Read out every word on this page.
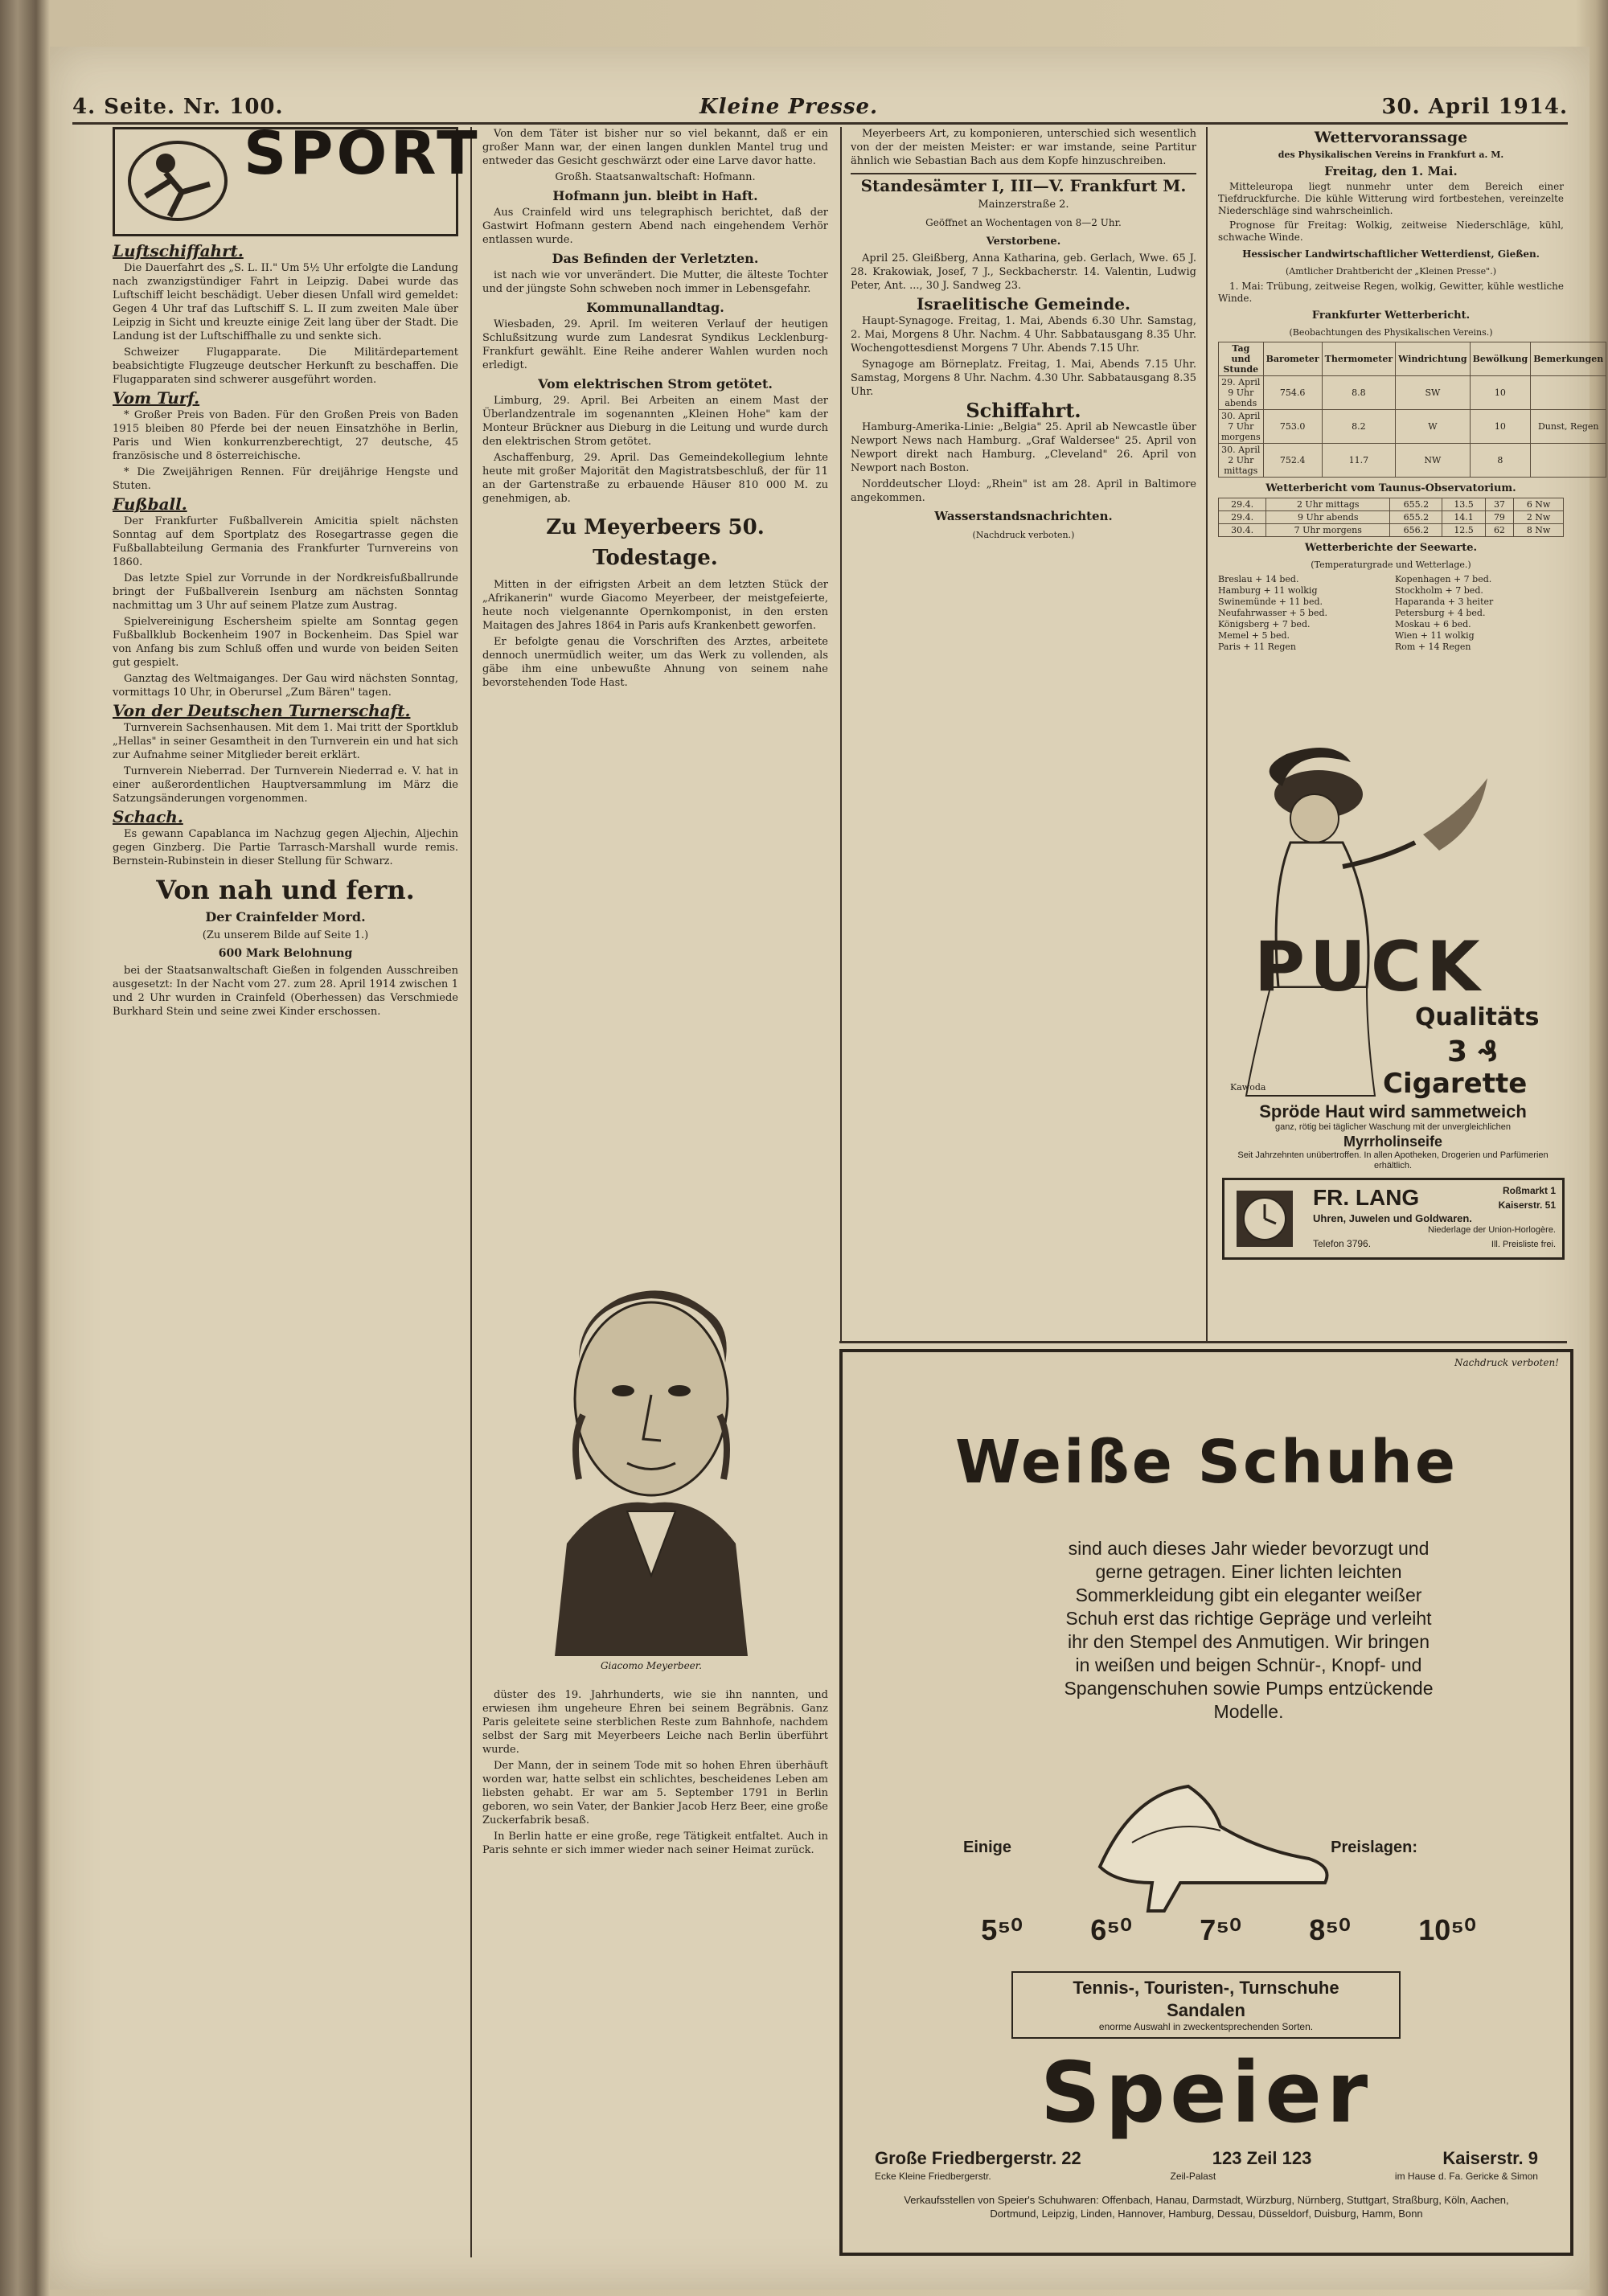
4. Seite. Nr. 100.	Kleine Presse.	30. April 1914.
SPORT
Luftschiffahrt.

Die Dauerfahrt des „S. L. II." Um 5½ Uhr erfolgte die Landung nach zwanzigstündiger Fahrt in Leipzig. Dabei wurde das Luftschiff leicht beschädigt. Ueber diesen Unfall wird gemeldet: Gegen 4 Uhr traf das Luftschiff S. L. II zum zweiten Male über Leipzig in Sicht und kreuzte einige Zeit lang über der Stadt. Die Landung ist der Luftschiffhalle zu und senkte sich.

Schweizer Flugapparate. Die Militärdepartement beabsichtigte Flugzeuge deutscher Herkunft zu beschaffen. Die Flugapparaten sind schwerer ausgeführt worden.

Vom Turf.

* Großer Preis von Baden. Für den Großen Preis von Baden 1915 bleiben 80 Pferde bei der neuen Einsatzhöhe in Berlin, Paris und Wien konkurrenzberechtigt, 27 deutsche, 45 französische und 8 österreichische.

* Die Zweijährigen Rennen. Für dreijährige Hengste und Stuten.

Fußball.

Der Frankfurter Fußballverein Amicitia spielt nächsten Sonntag auf dem Sportplatz des Rosegartrasse gegen die Fußballabteilung Germania des Frankfurter Turnvereins von 1860.

Das letzte Spiel zur Vorrunde in der Nordkreisfußballrunde bringt der Fußballverein Isenburg am nächsten Sonntag nachmittag um 3 Uhr auf seinem Platze zum Austrag.

Spielvereinigung Eschersheim spielte am Sonntag gegen Fußballklub Bockenheim 1907 in Bockenheim. Das Spiel war von Anfang bis zum Schluß offen und wurde von beiden Seiten gut gespielt.

Ganztag des Weltmaiganges. Der Gau wird nächsten Sonntag, vormittags 10 Uhr, in Oberursel „Zum Bären" tagen.

Von der Deutschen Turnerschaft.

Turnverein Sachsenhausen. Mit dem 1. Mai tritt der Sportklub „Hellas" in seiner Gesamtheit in den Turnverein ein und hat sich zur Aufnahme seiner Mitglieder bereit erklärt.

Turnverein Nieberrad. Der Turnverein Niederrad e. V. hat in einer außerordentlichen Hauptversammlung im März die Satzungsänderungen vorgenommen.

Schach.

Es gewann Capablanca im Nachzug gegen Aljechin, Aljechin gegen Ginzberg. Die Partie Tarrasch-Marshall wurde remis. Bernstein-Rubinstein in dieser Stellung für Schwarz.

Von nah und fern.
Der Crainfelder Mord.
(Zu unserem Bilde auf Seite 1.)
600 Mark Belohnung

bei der Staatsanwaltschaft Gießen in folgenden Ausschreiben ausgesetzt: In der Nacht vom 27. zum 28. April 1914 zwischen 1 und 2 Uhr wurden in Crainfeld (Oberhessen) das Verschmiede Burkhard Stein und seine zwei Kinder erschossen.

Von dem Täter ist bisher nur so viel bekannt, daß er ein großer Mann war, der einen langen dunklen Mantel trug und entweder das Gesicht geschwärzt oder eine Larve davor hatte.

Großh. Staatsanwaltschaft: Hofmann.

Hofmann jun. bleibt in Haft.

Aus Crainfeld wird uns telegraphisch berichtet, daß der Gastwirt Hofmann gestern Abend nach eingehendem Verhör entlassen wurde.

Das Befinden der Verletzten.

ist nach wie vor unverändert. Die Mutter, die älteste Tochter und der jüngste Sohn schweben noch immer in Lebensgefahr.

Kommunallandtag.

Wiesbaden, 29. April. Im weiteren Verlauf der heutigen Schlußsitzung wurde zum Landesrat Syndikus Lecklenburg-Frankfurt gewählt. Eine Reihe anderer Wahlen wurden noch erledigt.

Vom elektrischen Strom getötet.

Limburg, 29. April. Bei Arbeiten an einem Mast der Überlandzentrale im sogenannten „Kleinen Hohe" kam der Monteur Brückner aus Dieburg in die Leitung und wurde durch den elektrischen Strom getötet.

Aschaffenburg, 29. April. Das Gemeindekollegium lehnte heute mit großer Majorität den Magistratsbeschluß, der für 11 an der Gartenstraße zu erbauende Häuser 810 000 M. zu genehmigen, ab.

Zu Meyerbeers 50. Todestage.

Mitten in der eifrigsten Arbeit an dem letzten Stück der „Afrikanerin" wurde Giacomo Meyerbeer, der meistgefeierte, heute noch vielgenannte Opernkomponist, in den ersten Maitagen des Jahres 1864 in Paris aufs Krankenbett geworfen.

Er befolgte genau die Vorschriften des Arztes, arbeitete dennoch unermüdlich weiter, um das Werk zu vollenden, als gäbe ihm eine unbewußte Ahnung von seinem nahe bevorstehenden Tode Hast.

Giacomo Meyerbeer.

düster des 19. Jahrhunderts, wie sie ihn nannten, und erwiesen ihm ungeheure Ehren bei seinem Begräbnis. Ganz Paris geleitete seine sterblichen Reste zum Bahnhofe, nachdem selbst der Sarg mit Meyerbeers Leiche nach Berlin überführt wurde.

Der Mann, der in seinem Tode mit so hohen Ehren überhäuft worden war, hatte selbst ein schlichtes, bescheidenes Leben am liebsten gehabt. Er war am 5. September 1791 in Berlin geboren, wo sein Vater, der Bankier Jacob Herz Beer, eine große Zuckerfabrik besaß.

In Berlin hatte er eine große, rege Tätigkeit entfaltet. Auch in Paris sehnte er sich immer wieder nach seiner Heimat zurück.

Meyerbeers Art, zu komponieren, unterschied sich wesentlich von der der meisten Meister: er war imstande, seine Partitur ähnlich wie Sebastian Bach aus dem Kopfe hinzuschreiben.

Standesämter I, III—V. Frankfurt M.
Mainzerstraße 2.
Geöffnet an Wochentagen von 8—2 Uhr.
Verstorbene.

April 25. Gleißberg, Anna Katharina, geb. Gerlach, Wwe. 65 J. 28. Krakowiak, Josef, 7 J., Seckbacherstr. 14. Valentin, Ludwig Peter, Ant. ..., 30 J. Sandweg 23.

Israelitische Gemeinde.

Haupt-Synagoge. Freitag, 1. Mai, Abends 6.30 Uhr. Samstag, 2. Mai, Morgens 8 Uhr. Nachm. 4 Uhr. Sabbatausgang 8.35 Uhr. Wochengottesdienst Morgens 7 Uhr. Abends 7.15 Uhr.

Synagoge am Börneplatz. Freitag, 1. Mai, Abends 7.15 Uhr. Samstag, Morgens 8 Uhr. Nachm. 4.30 Uhr. Sabbatausgang 8.35 Uhr.

Schiffahrt.

Hamburg-Amerika-Linie: „Belgia" 25. April ab Newcastle über Newport News nach Hamburg. „Graf Waldersee" 25. April von Newport direkt nach Hamburg. „Cleveland" 26. April von Newport nach Boston.

Norddeutscher Lloyd: „Rhein" ist am 28. April in Baltimore angekommen.

Wasserstandsnachrichten.
(Nachdruck verboten.)
Wettervoranssage
des Physikalischen Vereins in Frankfurt a. M.
Freitag, den 1. Mai.

Mitteleuropa liegt nunmehr unter dem Bereich einer Tiefdruckfurche. Die kühle Witterung wird fortbestehen, vereinzelte Niederschläge sind wahrscheinlich.

Prognose für Freitag: Wolkig, zeitweise Niederschläge, kühl, schwache Winde.

Hessischer Landwirtschaftlicher Wetterdienst, Gießen.
(Amtlicher Drahtbericht der „Kleinen Presse".)

1. Mai: Trübung, zeitweise Regen, wolkig, Gewitter, kühle westliche Winde.

Frankfurter Wetterbericht.
(Beobachtungen des Physikalischen Vereins.)
Tag und Stunde	Barometer	Thermometer	Windrichtung	Bewölkung	Bemerkungen
29. April 9 Uhr abends	754.6	8.8	SW	10	
30. April 7 Uhr morgens	753.0	8.2	W	10	Dunst, Regen
30. April 2 Uhr mittags	752.4	11.7	NW	8	
Wetterbericht vom Taunus-Observatorium.
29.4.	2 Uhr mittags	655.2	13.5	37	6 Nw
29.4.	9 Uhr abends	655.2	14.1	79	2 Nw
30.4.	7 Uhr morgens	656.2	12.5	62	8 Nw
Wetterberichte der Seewarte.
(Temperaturgrade und Wetterlage.)
Breslau + 14 bed.
Hamburg + 11 wolkig
Swinemünde + 11 bed.
Neufahrwasser + 5 bed.
Königsberg + 7 bed.
Memel + 5 bed.
Paris + 11 Regen
Kopenhagen + 7 bed.
Stockholm + 7 bed.
Haparanda + 3 heiter
Petersburg + 4 bed.
Moskau + 6 bed.
Wien + 11 wolkig
Rom + 14 Regen
PUCK
Qualitäts
3 ₰
Cigarette
Kawoda
Spröde Haut wird sammetweich
ganz, rötig bei täglicher Waschung mit der unvergleichlichen
Myrrholinseife
Seit Jahrzehnten unübertroffen. In allen Apotheken, Drogerien und Parfümerien erhältlich.
FR. LANG
Uhren, Juwelen und Goldwaren.
Telefon 3796.
Roßmarkt 1
Kaiserstr. 51
Niederlage der Union-Horlogère.
Ill. Preisliste frei.
Nachdruck verboten!
Weiße Schuhe
sind auch dieses Jahr wieder bevorzugt und gerne getragen. Einer lichten leichten Sommerkleidung gibt ein eleganter weißer Schuh erst das richtige Gepräge und verleiht ihr den Stempel des Anmutigen. Wir bringen in weißen und beigen Schnür-, Knopf- und Spangenschuhen sowie Pumps entzückende Modelle.
Einige	Preislagen:
5⁵⁰ 6⁵⁰ 7⁵⁰ 8⁵⁰ 10⁵⁰
Tennis-, Touristen-, Turnschuhe
Sandalen
enorme Auswahl in zweckentsprechenden Sorten.
Speier
Große Friedbergerstr. 22	123 Zeil 123	Kaiserstr. 9
Ecke Kleine Friedbergerstr.	Zeil-Palast	im Hause d. Fa. Gericke & Simon
Verkaufsstellen von Speier's Schuhwaren: Offenbach, Hanau, Darmstadt, Würzburg, Nürnberg, Stuttgart, Straßburg, Köln, Aachen, Dortmund, Leipzig, Linden, Hannover, Hamburg, Dessau, Düsseldorf, Duisburg, Hamm, Bonn
